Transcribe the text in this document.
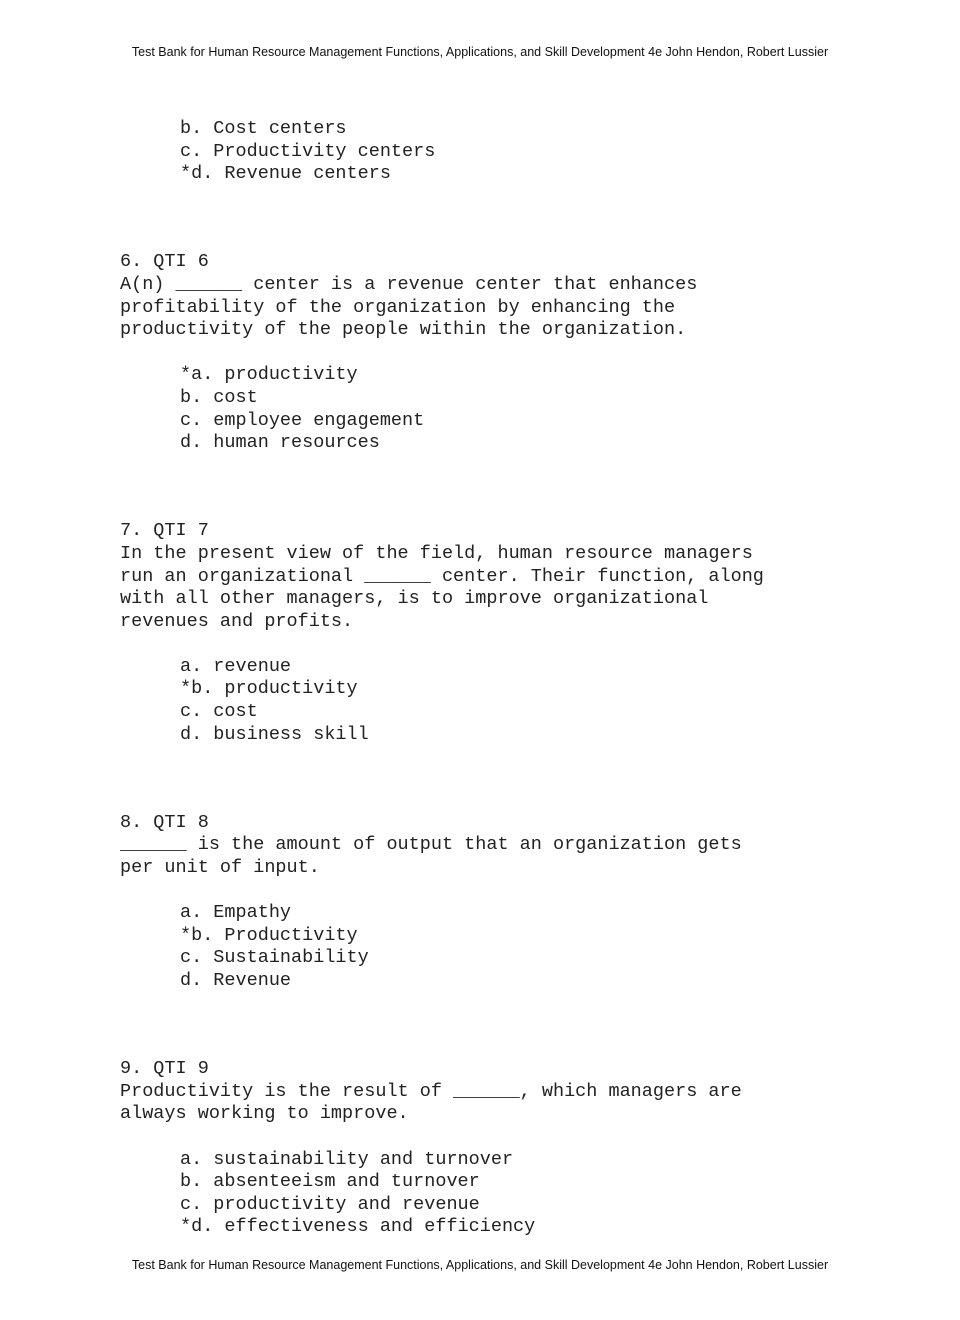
Test Bank for Human Resource Management Functions, Applications, and Skill Development 4e John Hendon, Robert Lussier
b. Cost centers
c. Productivity centers
*d. Revenue centers
6. QTI 6
A(n) ______ center is a revenue center that enhances
profitability of the organization by enhancing the
productivity of the people within the organization.
*a. productivity
b. cost
c. employee engagement
d. human resources
7. QTI 7
In the present view of the field, human resource managers
run an organizational ______ center. Their function, along
with all other managers, is to improve organizational
revenues and profits.
a. revenue
*b. productivity
c. cost
d. business skill
8. QTI 8
______ is the amount of output that an organization gets
per unit of input.
a. Empathy
*b. Productivity
c. Sustainability
d. Revenue
9. QTI 9
Productivity is the result of ______, which managers are
always working to improve.
a. sustainability and turnover
b. absenteeism and turnover
c. productivity and revenue
*d. effectiveness and efficiency
Test Bank for Human Resource Management Functions, Applications, and Skill Development 4e John Hendon, Robert Lussier
